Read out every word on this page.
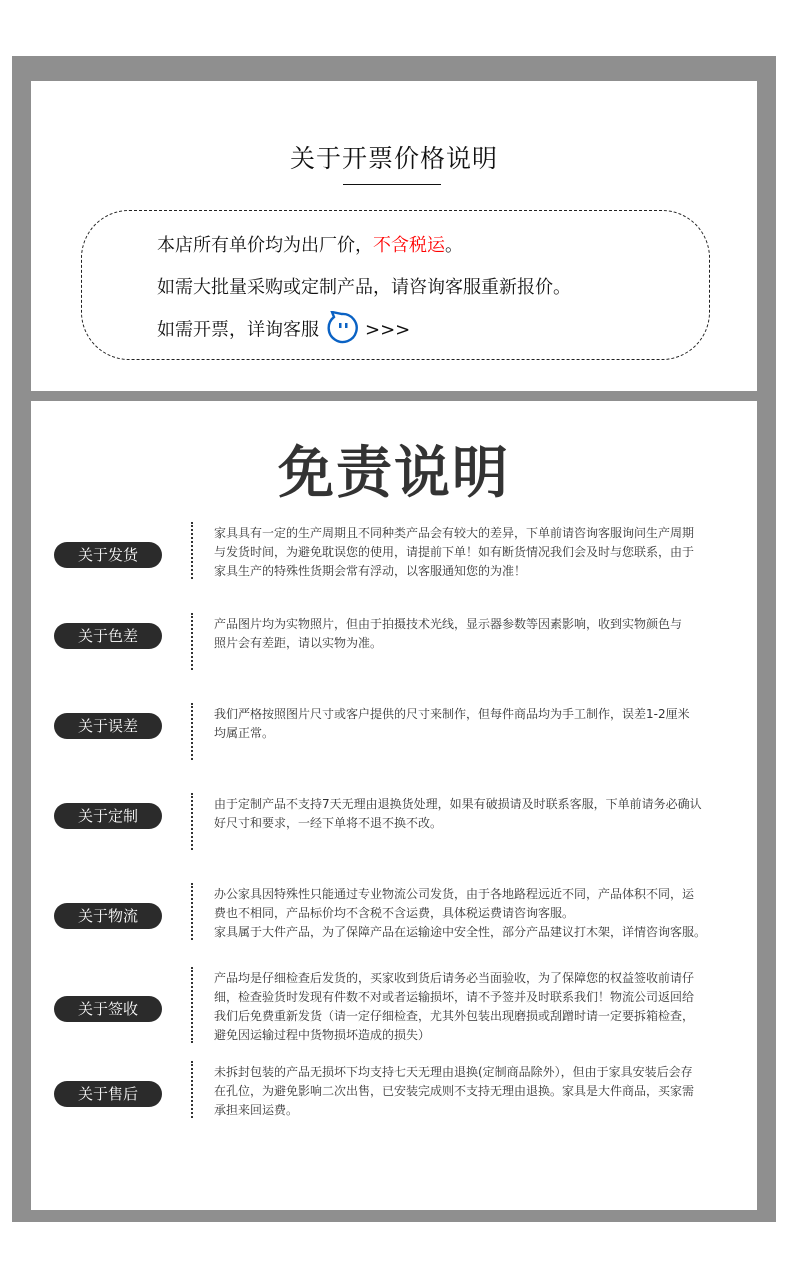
关于开票价格说明
本店所有单价均为出厂价，不含税运。
如需大批量采购或定制产品，请咨询客服重新报价。
如需开票，详询客服	>>>
免责说明
关于发货
家具具有一定的生产周期且不同种类产品会有较大的差异，下单前请咨询客服询问生产周期
与发货时间，为避免耽误您的使用，请提前下单！如有断货情况我们会及时与您联系，由于
家具生产的特殊性货期会常有浮动，以客服通知您的为准！
关于色差
产品图片均为实物照片，但由于拍摄技术光线，显示器参数等因素影响，收到实物颜色与
照片会有差距，请以实物为准。
关于误差
我们严格按照图片尺寸或客户提供的尺寸来制作，但每件商品均为手工制作，误差1-2厘米
均属正常。
关于定制
由于定制产品不支持7天无理由退换货处理，如果有破损请及时联系客服，下单前请务必确认
好尺寸和要求，一经下单将不退不换不改。
关于物流
办公家具因特殊性只能通过专业物流公司发货，由于各地路程远近不同，产品体积不同，运
费也不相同，产品标价均不含税不含运费，具体税运费请咨询客服。
家具属于大件产品，为了保障产品在运输途中安全性，部分产品建议打木架，详情咨询客服。
关于签收
产品均是仔细检查后发货的，买家收到货后请务必当面验收，为了保障您的权益签收前请仔
细，检查验货时发现有件数不对或者运输损坏，请不予签并及时联系我们！物流公司返回给
我们后免费重新发货（请一定仔细检查，尤其外包装出现磨损或刮蹭时请一定要拆箱检查，
避免因运输过程中货物损坏造成的损失）
关于售后
未拆封包装的产品无损坏下均支持七天无理由退换(定制商品除外），但由于家具安装后会存
在孔位，为避免影响二次出售，已安装完成则不支持无理由退换。家具是大件商品，买家需
承担来回运费。
